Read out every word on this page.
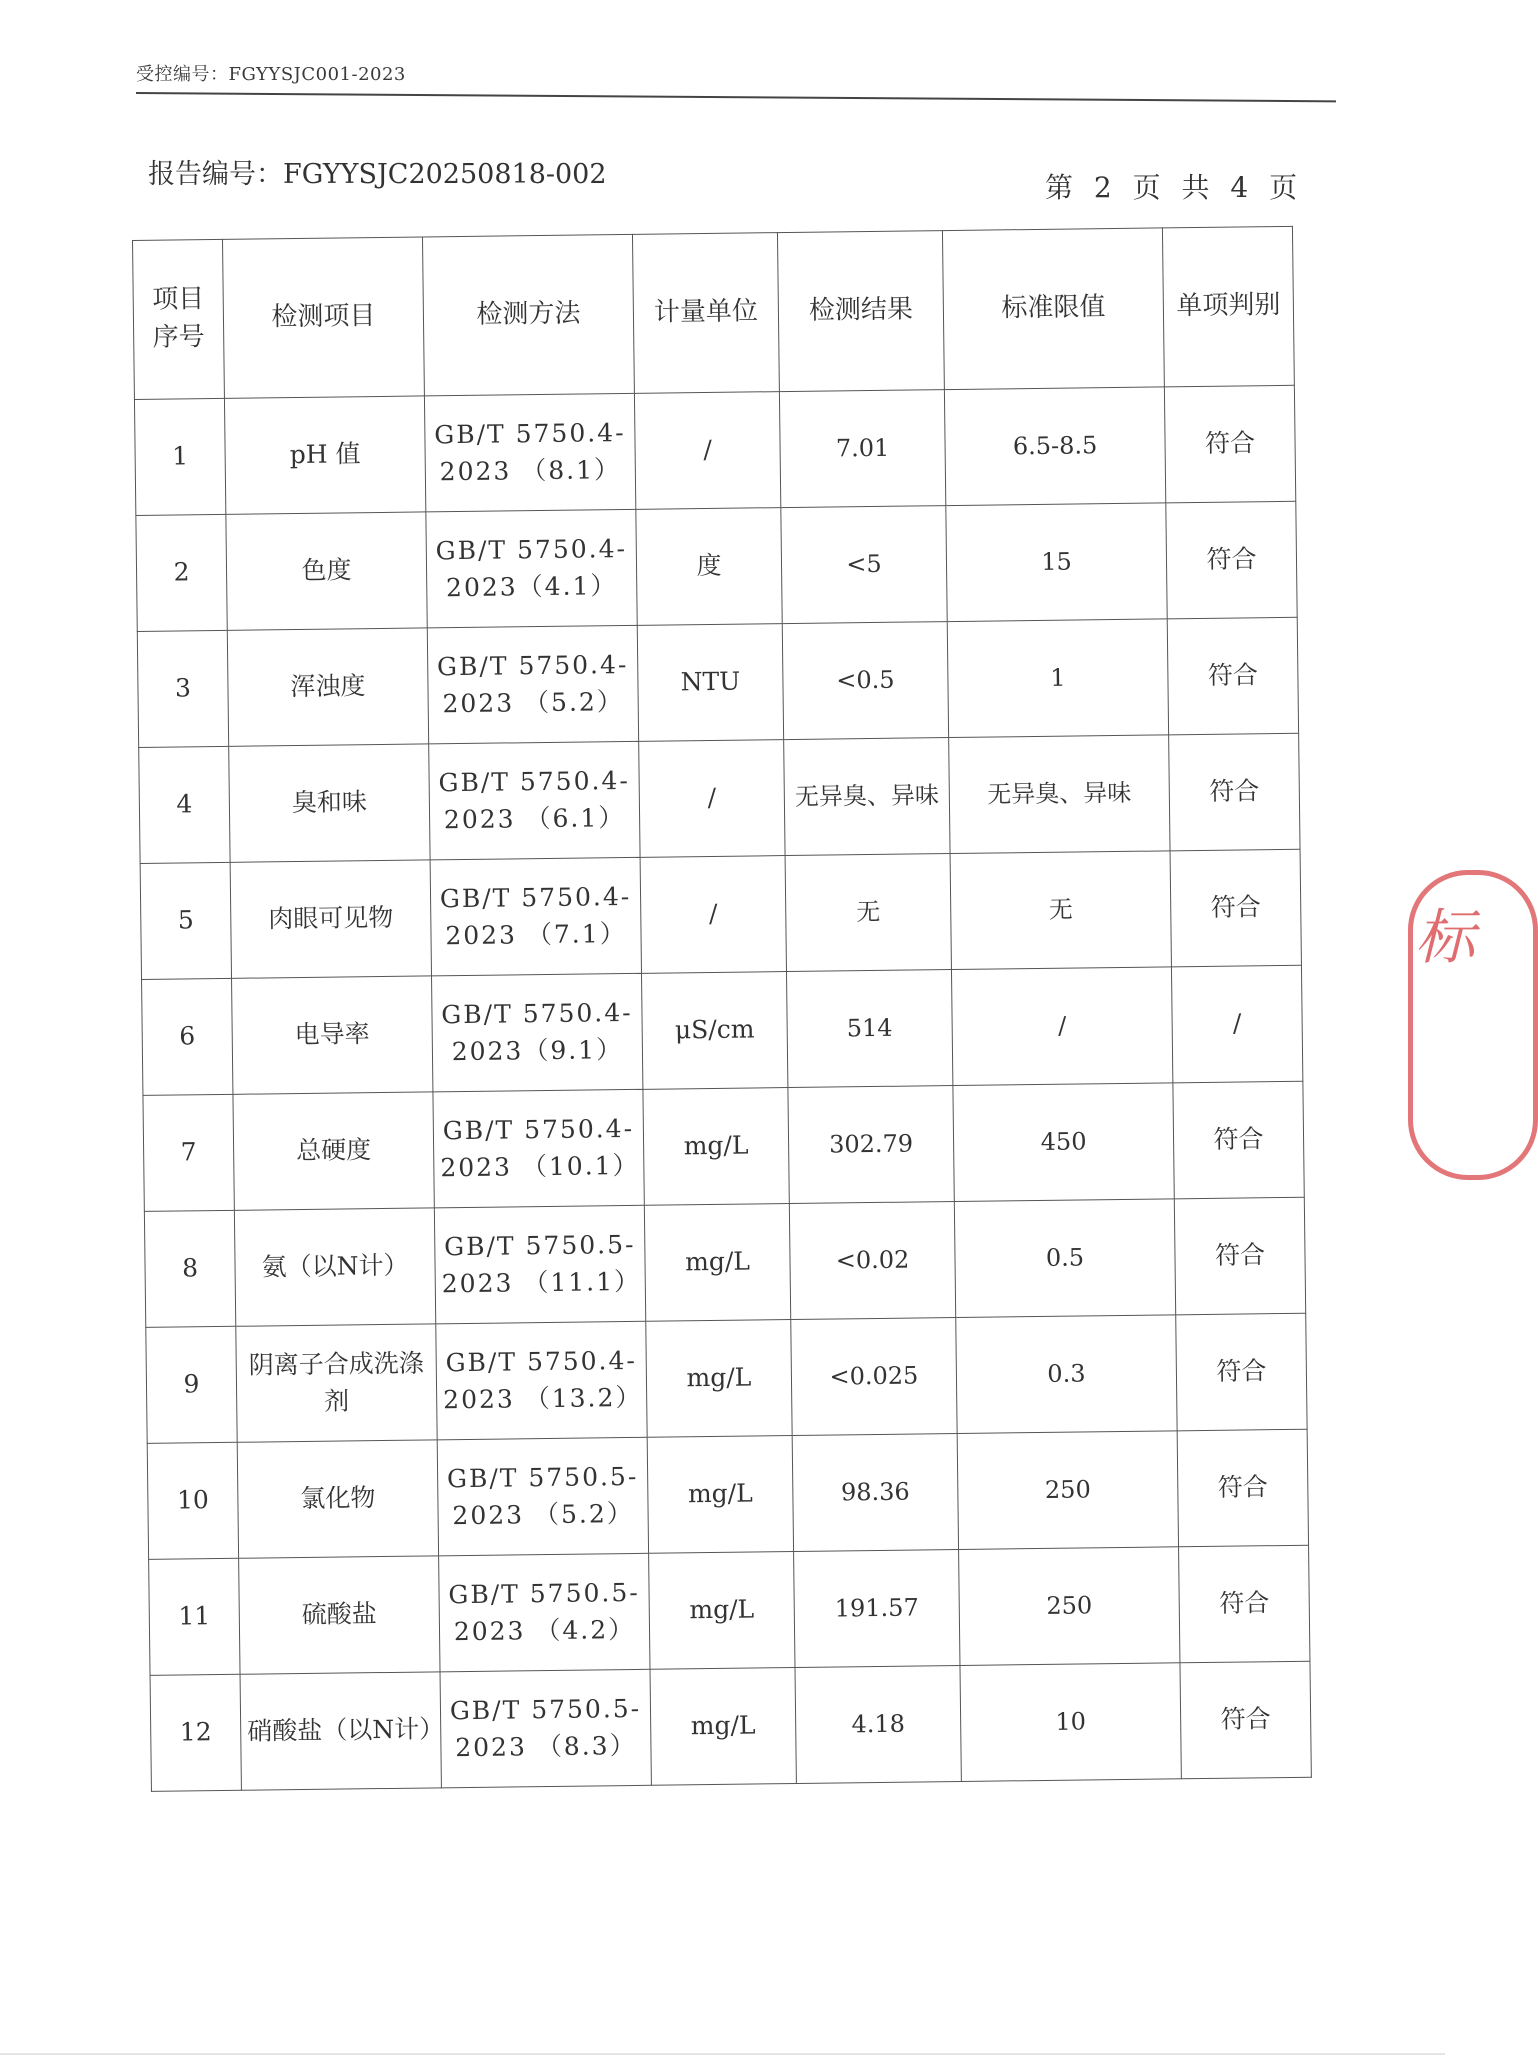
受控编号：FGYYSJC001-2023
报告编号：FGYYSJC20250818-002	第 2 页 共 4 页
项目序号	检测项目	检测方法	计量单位	检测结果	标准限值	单项判别
1	pH 值	GB/T 5750.4-2023 （8.1）	/	7.01	6.5-8.5	符合
2	色度	GB/T 5750.4-2023（4.1）	度	<5	15	符合
3	浑浊度	GB/T 5750.4-2023 （5.2）	NTU	<0.5	1	符合
4	臭和味	GB/T 5750.4-2023 （6.1）	/	无异臭、异味	无异臭、异味	符合
5	肉眼可见物	GB/T 5750.4-2023 （7.1）	/	无	无	符合
6	电导率	GB/T 5750.4-2023（9.1）	μS/cm	514	/	/
7	总硬度	GB/T 5750.4-2023 （10.1）	mg/L	302.79	450	符合
8	氨（以N计）	GB/T 5750.5-2023 （11.1）	mg/L	<0.02	0.5	符合
9	阴离子合成洗涤剂	GB/T 5750.4-2023 （13.2）	mg/L	<0.025	0.3	符合
10	氯化物	GB/T 5750.5-2023 （5.2）	mg/L	98.36	250	符合
11	硫酸盐	GB/T 5750.5-2023 （4.2）	mg/L	191.57	250	符合
12	硝酸盐（以N计）	GB/T 5750.5-2023 （8.3）	mg/L	4.18	10	符合
标
